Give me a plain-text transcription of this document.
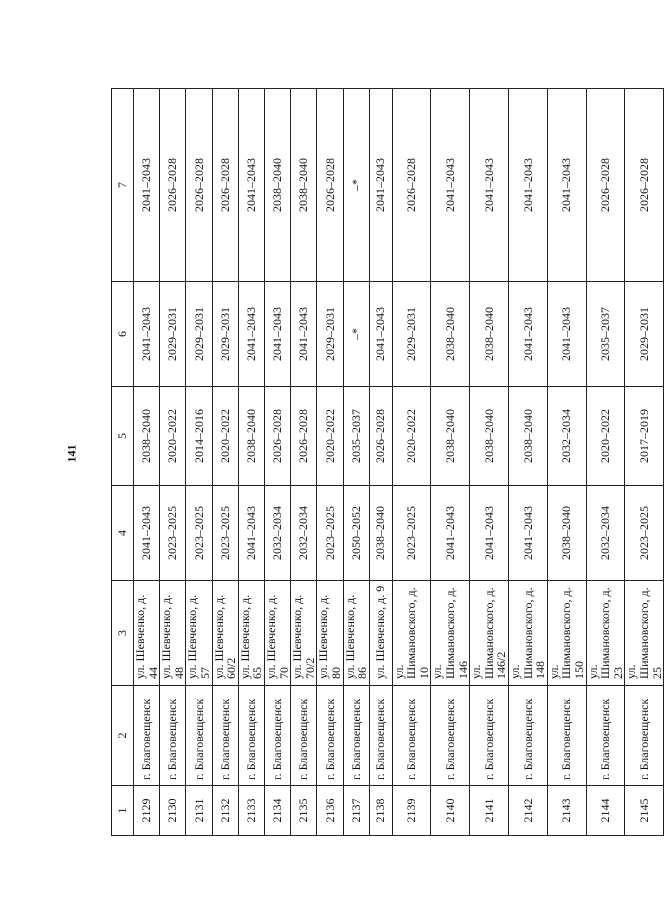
141
1	2	3	4	5	6	7
2129	г. Благовещенск	ул. Шевченко, д. 44	2041–2043	2038–2040	2041–2043	2041–2043
2130	г. Благовещенск	ул. Шевченко, д. 48	2023–2025	2020–2022	2029–2031	2026–2028
2131	г. Благовещенск	ул. Шевченко, д. 57	2023–2025	2014–2016	2029–2031	2026–2028
2132	г. Благовещенск	ул. Шевченко, д. 60/2	2023–2025	2020–2022	2029–2031	2026–2028
2133	г. Благовещенск	ул. Шевченко, д. 65	2041–2043	2038–2040	2041–2043	2041–2043
2134	г. Благовещенск	ул. Шевченко, д. 70	2032–2034	2026–2028	2041–2043	2038–2040
2135	г. Благовещенск	ул. Шевченко, д. 70/2	2032–2034	2026–2028	2041–2043	2038–2040
2136	г. Благовещенск	ул. Шевченко, д. 80	2023–2025	2020–2022	2029–2031	2026–2028
2137	г. Благовещенск	ул. Шевченко, д. 86	2050–2052	2035–2037	–*	–*
2138	г. Благовещенск	ул. Шевченко, д. 9	2038–2040	2026–2028	2041–2043	2041–2043
2139	г. Благовещенск	ул. Шимановского, д. 10	2023–2025	2020–2022	2029–2031	2026–2028
2140	г. Благовещенск	ул. Шимановского, д. 146	2041–2043	2038–2040	2038–2040	2041–2043
2141	г. Благовещенск	ул. Шимановского, д. 146/2	2041–2043	2038–2040	2038–2040	2041–2043
2142	г. Благовещенск	ул. Шимановского, д. 148	2041–2043	2038–2040	2041–2043	2041–2043
2143	г. Благовещенск	ул. Шимановского, д. 150	2038–2040	2032–2034	2041–2043	2041–2043
2144	г. Благовещенск	ул. Шимановского, д. 23	2032–2034	2020–2022	2035–2037	2026–2028
2145	г. Благовещенск	ул. Шимановского, д. 25	2023–2025	2017–2019	2029–2031	2026–2028
